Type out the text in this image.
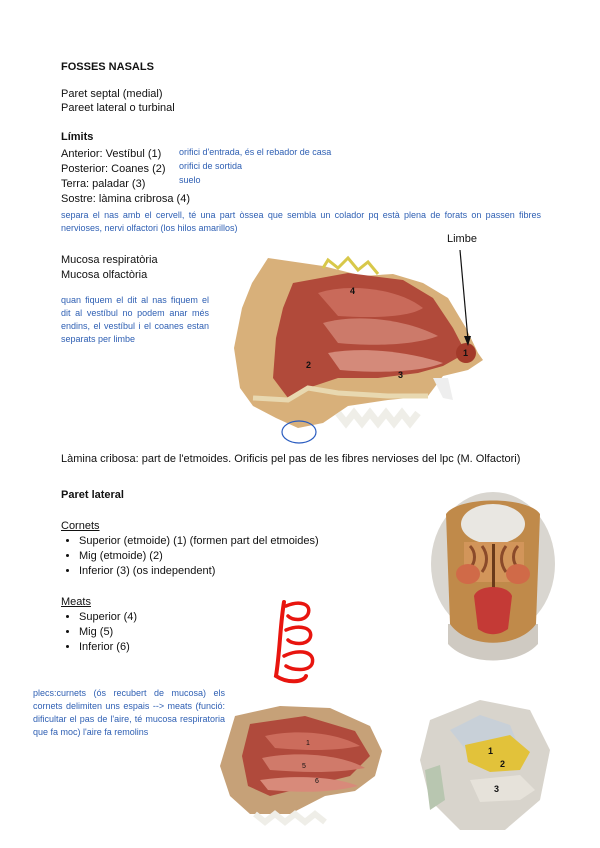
FOSSES NASALS
Paret septal (medial)
Pareet lateral o turbinal
Límits
Anterior: Vestíbul (1)
Posterior: Coanes (2)
Terra: paladar (3)
Sostre: làmina cribrosa (4)
orifici d'entrada, és el rebador de casa
orifici de sortida
suelo
separa el nas amb el cervell, té una part òssea que sembla un colador pq està plena de forats on passen fibres nervioses, nervi olfactori (los hilos amarillos)
Mucosa respiratòria
Mucosa olfactòria
quan fiquem el dit al nas fiquem el dit al vestíbul no podem anar més endins, el vestíbul i el coanes estan separats per limbe
1
2
3
4
Limbe
Làmina cribosa: part de l'etmoides. Orificis pel pas de les fibres nervioses del lpc (M. Olfactori)
Paret lateral
Cornets
• Superior (etmoide) (1) (formen part del etmoides)
• Mig (etmoide) (2)
• Inferior (3) (os independent)
Meats
• Superior (4)
• Mig (5)
• Inferior (6)
plecs:curnets (ós recubert de mucosa) els cornets delimiten uns espais --> meats (funció: dificultar el pas de l'aire, té mucosa respiratoria que fa moc) l'aire fa remolins
1
5
6
1
2
3
